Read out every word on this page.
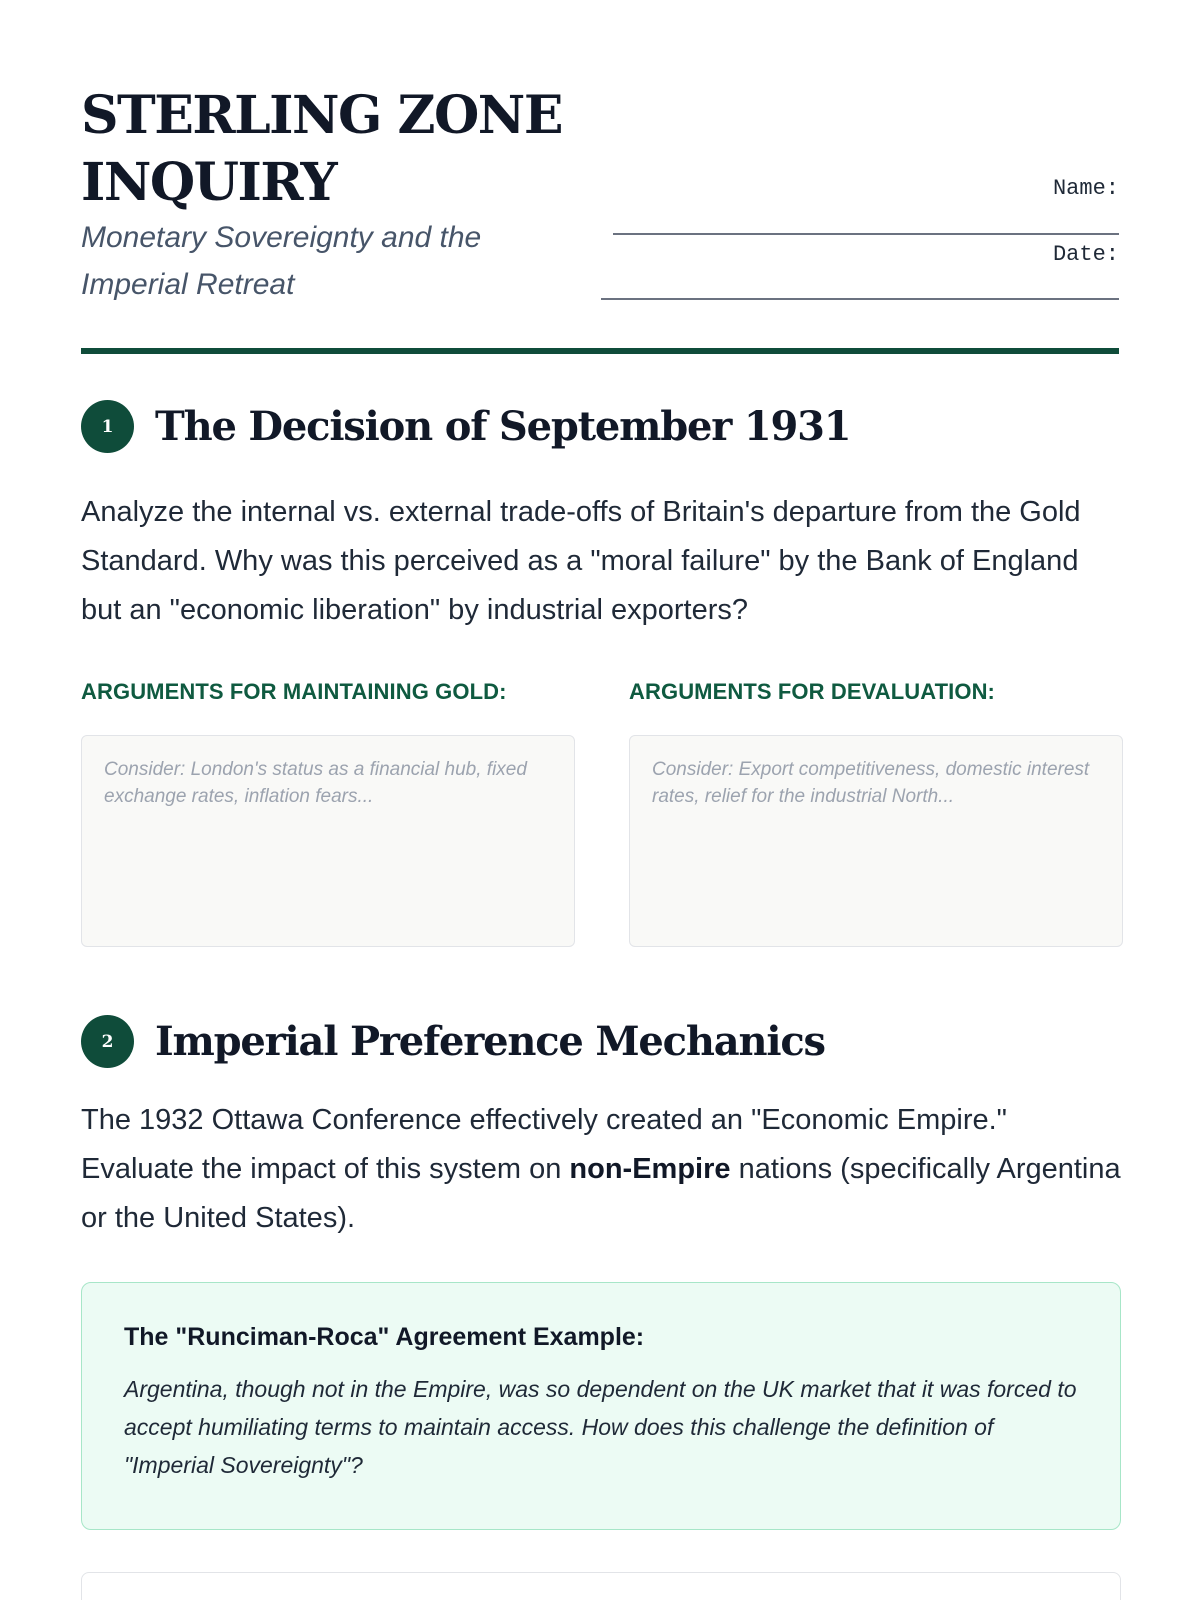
STERLING ZONE INQUIRY
Monetary Sovereignty and the Imperial Retreat
Name:
Date:
1	The Decision of September 1931

Analyze the internal vs. external trade-offs of Britain's departure from the Gold Standard. Why was this perceived as a "moral failure" by the Bank of England but an "economic liberation" by industrial exporters?

ARGUMENTS FOR MAINTAINING GOLD:	ARGUMENTS FOR DEVALUATION:
Consider: London's status as a financial hub, fixed exchange rates, inflation fears...
Consider: Export competitiveness, domestic interest rates, relief for the industrial North...
2	Imperial Preference Mechanics

The 1932 Ottawa Conference effectively created an "Economic Empire." Evaluate the impact of this system on non-Empire nations (specifically Argentina or the United States).

The "Runciman-Roca" Agreement Example:
Argentina, though not in the Empire, was so dependent on the UK market that it was forced to accept humiliating terms to maintain access. How does this challenge the definition of "Imperial Sovereignty"?
